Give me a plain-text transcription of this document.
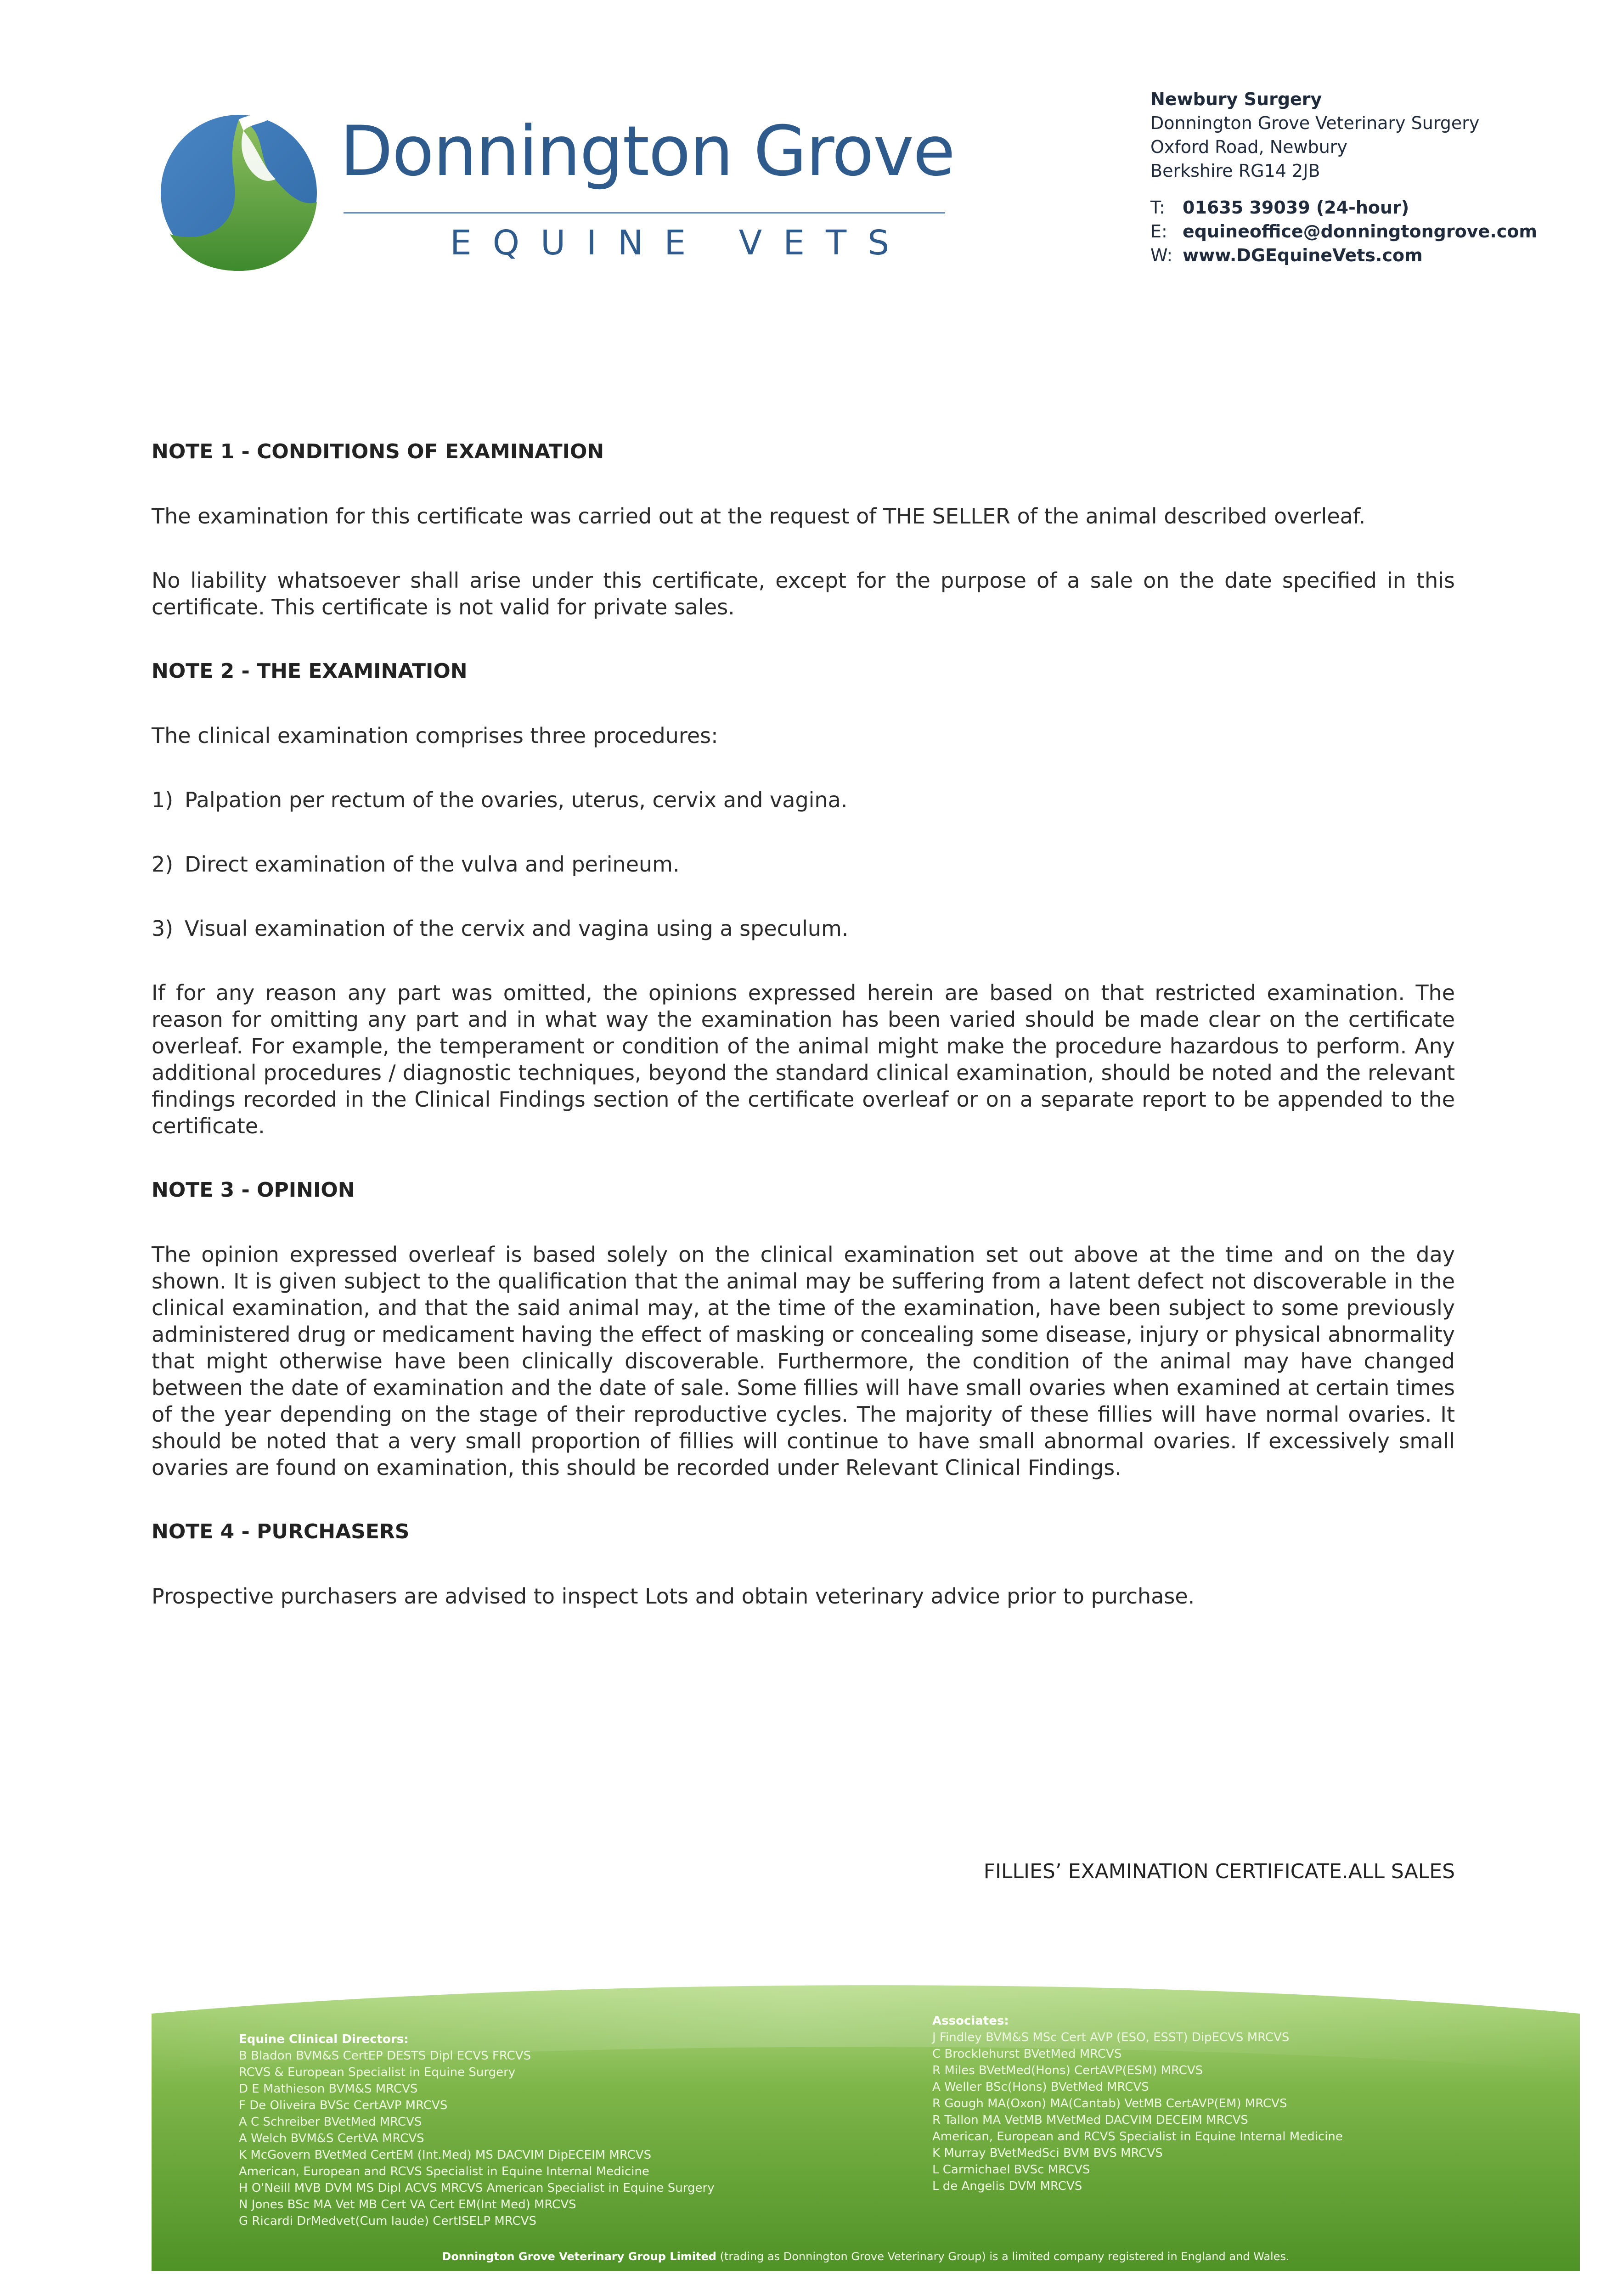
Donnington Grove
EQUINE VETS
Newbury Surgery
Donnington Grove Veterinary Surgery
Oxford Road, Newbury
Berkshire RG14 2JB
T: 01635 39039 (24-hour)
E: equineoffice@donningtongrove.com
W: www.DGEquineVets.com
NOTE 1 - CONDITIONS OF EXAMINATION
The examination for this certificate was carried out at the request of THE SELLER of the animal described overleaf.
No liability whatsoever shall arise under this certificate, except for the purpose of a sale on the date specified in this certificate. This certificate is not valid for private sales.
NOTE 2 - THE EXAMINATION
The clinical examination comprises three procedures:
1) Palpation per rectum of the ovaries, uterus, cervix and vagina.
2) Direct examination of the vulva and perineum.
3) Visual examination of the cervix and vagina using a speculum.
If for any reason any part was omitted, the opinions expressed herein are based on that restricted examination. The reason for omitting any part and in what way the examination has been varied should be made clear on the certificate overleaf. For example, the temperament or condition of the animal might make the procedure hazardous to perform. Any additional procedures / diagnostic techniques, beyond the standard clinical examination, should be noted and the relevant findings recorded in the Clinical Findings section of the certificate overleaf or on a separate report to be appended to the certificate.
NOTE 3 - OPINION
The opinion expressed overleaf is based solely on the clinical examination set out above at the time and on the day shown. It is given subject to the qualification that the animal may be suffering from a latent defect not discoverable in the clinical examination, and that the said animal may, at the time of the examination, have been subject to some previously administered drug or medicament having the effect of masking or concealing some disease, injury or physical abnormality that might otherwise have been clinically discoverable. Furthermore, the condition of the animal may have changed between the date of examination and the date of sale. Some fillies will have small ovaries when examined at certain times of the year depending on the stage of their reproductive cycles. The majority of these fillies will have normal ovaries. It should be noted that a very small proportion of fillies will continue to have small abnormal ovaries. If excessively small ovaries are found on examination, this should be recorded under Relevant Clinical Findings.
NOTE 4 - PURCHASERS
Prospective purchasers are advised to inspect Lots and obtain veterinary advice prior to purchase.
FILLIES’ EXAMINATION CERTIFICATE.ALL SALES
Equine Clinical Directors:
B Bladon BVM&S CertEP DESTS Dipl ECVS FRCVS
RCVS & European Specialist in Equine Surgery
D E Mathieson BVM&S MRCVS
F De Oliveira BVSc CertAVP MRCVS
A C Schreiber BVetMed MRCVS
A Welch BVM&S CertVA MRCVS
K McGovern BVetMed CertEM (Int.Med) MS DACVIM DipECEIM MRCVS
American, European and RCVS Specialist in Equine Internal Medicine
H O'Neill MVB DVM MS Dipl ACVS MRCVS American Specialist in Equine Surgery
N Jones BSc MA Vet MB Cert VA Cert EM(Int Med) MRCVS
G Ricardi DrMedvet(Cum laude) CertISELP MRCVS
Associates:
J Findley BVM&S MSc Cert AVP (ESO, ESST) DipECVS MRCVS
C Brocklehurst BVetMed MRCVS
R Miles BVetMed(Hons) CertAVP(ESM) MRCVS
A Weller BSc(Hons) BVetMed MRCVS
R Gough MA(Oxon) MA(Cantab) VetMB CertAVP(EM) MRCVS
R Tallon MA VetMB MVetMed DACVIM DECEIM MRCVS
American, European and RCVS Specialist in Equine Internal Medicine
K Murray BVetMedSci BVM BVS MRCVS
L Carmichael BVSc MRCVS
L de Angelis DVM MRCVS
Donnington Grove Veterinary Group Limited (trading as Donnington Grove Veterinary Group) is a limited company registered in England and Wales.
